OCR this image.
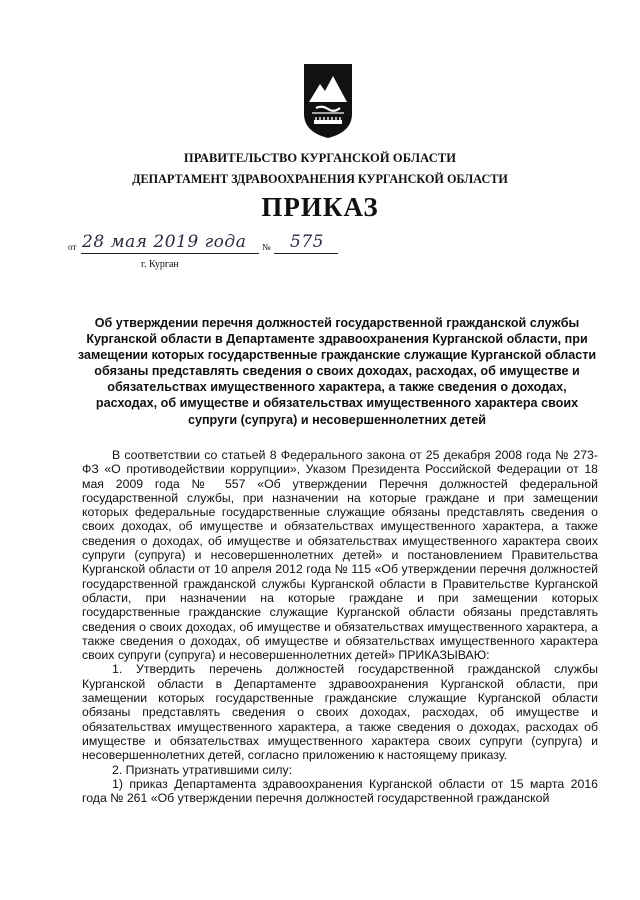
ПРАВИТЕЛЬСТВО КУРГАНСКОЙ ОБЛАСТИ
ДЕПАРТАМЕНТ ЗДРАВООХРАНЕНИЯ КУРГАНСКОЙ ОБЛАСТИ
ПРИКАЗ
от 28 мая 2019 года № 575
г. Курган
Об утверждении перечня должностей государственной гражданской службы Курганской области в Департаменте здравоохранения Курганской области, при замещении которых государственные гражданские служащие Курганской области обязаны представлять сведения о своих доходах, расходах, об имуществе и обязательствах имущественного характера, а также сведения о доходах, расходах, об имуществе и обязательствах имущественного характера своих супруги (супруга) и несовершеннолетних детей

В соответствии со статьей 8 Федерального закона от 25 декабря 2008 года № 273-ФЗ «О противодействии коррупции», Указом Президента Российской Федерации от 18 мая 2009 года № 557 «Об утверждении Перечня должностей федеральной государственной службы, при назначении на которые граждане и при замещении которых федеральные государственные служащие обязаны представлять сведения о своих доходах, об имуществе и обязательствах имущественного характера, а также сведения о доходах, об имуществе и обязательствах имущественного характера своих супруги (супруга) и несовершеннолетних детей» и постановлением Правительства Курганской области от 10 апреля 2012 года № 115 «Об утверждении перечня должностей государственной гражданской службы Курганской области в Правительстве Курганской области, при назначении на которые граждане и при замещении которых государственные гражданские служащие Курганской области обязаны представлять сведения о своих доходах, об имуществе и обязательствах имущественного характера, а также сведения о доходах, об имуществе и обязательствах имущественного характера своих супруги (супруга) и несовершеннолетних детей» ПРИКАЗЫВАЮ:

1. Утвердить перечень должностей государственной гражданской службы Курганской области в Департаменте здравоохранения Курганской области, при замещении которых государственные гражданские служащие Курганской области обязаны представлять сведения о своих доходах, расходах, об имуществе и обязательствах имущественного характера, а также сведения о доходах, расходах об имуществе и обязательствах имущественного характера своих супруги (супруга) и несовершеннолетних детей, согласно приложению к настоящему приказу.

2. Признать утратившими силу:

1) приказ Департамента здравоохранения Курганской области от 15 марта 2016 года № 261 «Об утверждении перечня должностей государственной гражданской
